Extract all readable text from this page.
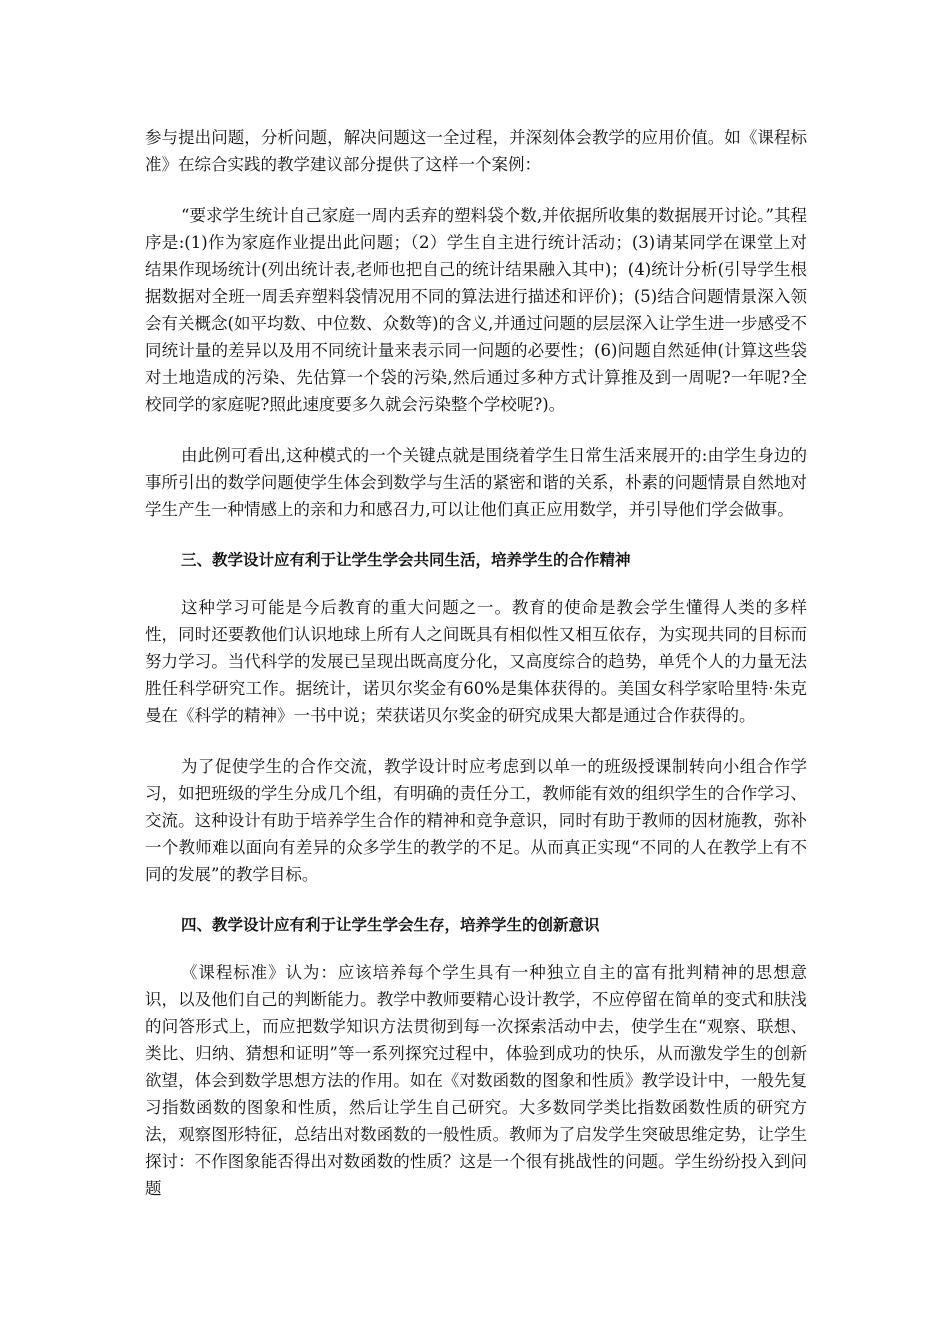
参与提出问题，分析问题，解决问题这一全过程，并深刻体会教学的应用价值。如《课程标准》在综合实践的教学建议部分提供了这样一个案例：

“要求学生统计自己家庭一周内丢弃的塑料袋个数,并依据所收集的数据展开讨论。”其程序是:(1)作为家庭作业提出此问题；（2）学生自主进行统计活动；(3)请某同学在课堂上对结果作现场统计(列出统计表,老师也把自己的统计结果融入其中)；(4)统计分析(引导学生根据数据对全班一周丢弃塑料袋情况用不同的算法进行描述和评价)；(5)结合问题情景深入领会有关概念(如平均数、中位数、众数等)的含义,并通过问题的层层深入让学生进一步感受不同统计量的差异以及用不同统计量来表示同一问题的必要性；(6)问题自然延伸(计算这些袋对土地造成的污染、先估算一个袋的污染,然后通过多种方式计算推及到一周呢?一年呢?全校同学的家庭呢?照此速度要多久就会污染整个学校呢?)。

由此例可看出,这种模式的一个关键点就是围绕着学生日常生活来展开的:由学生身边的事所引出的数学问题使学生体会到数学与生活的紧密和谐的关系，朴素的问题情景自然地对学生产生一种情感上的亲和力和感召力,可以让他们真正应用数学，并引导他们学会做事。

三、教学设计应有利于让学生学会共同生活，培养学生的合作精神

这种学习可能是今后教育的重大问题之一。教育的使命是教会学生懂得人类的多样性，同时还要教他们认识地球上所有人之间既具有相似性又相互依存，为实现共同的目标而努力学习。当代科学的发展已呈现出既高度分化，又高度综合的趋势，单凭个人的力量无法胜任科学研究工作。据统计，诺贝尔奖金有60%是集体获得的。美国女科学家哈里特·朱克曼在《科学的精神》一书中说；荣获诺贝尔奖金的研究成果大都是通过合作获得的。

为了促使学生的合作交流，教学设计时应考虑到以单一的班级授课制转向小组合作学习，如把班级的学生分成几个组，有明确的责任分工，教师能有效的组织学生的合作学习、交流。这种设计有助于培养学生合作的精神和竞争意识，同时有助于教师的因材施教，弥补一个教师难以面向有差异的众多学生的教学的不足。从而真正实现“不同的人在教学上有不同的发展”的教学目标。

四、教学设计应有利于让学生学会生存，培养学生的创新意识

《课程标准》认为：应该培养每个学生具有一种独立自主的富有批判精神的思想意识，以及他们自己的判断能力。教学中教师要精心设计教学，不应停留在简单的变式和肤浅的问答形式上，而应把数学知识方法贯彻到每一次探索活动中去，使学生在“观察、联想、类比、归纳、猜想和证明”等一系列探究过程中，体验到成功的快乐，从而激发学生的创新欲望，体会到数学思想方法的作用。如在《对数函数的图象和性质》教学设计中，一般先复习指数函数的图象和性质，然后让学生自己研究。大多数同学类比指数函数性质的研究方法，观察图形特征，总结出对数函数的一般性质。教师为了启发学生突破思维定势，让学生探讨：不作图象能否得出对数函数的性质？这是一个很有挑战性的问题。学生纷纷投入到问题
